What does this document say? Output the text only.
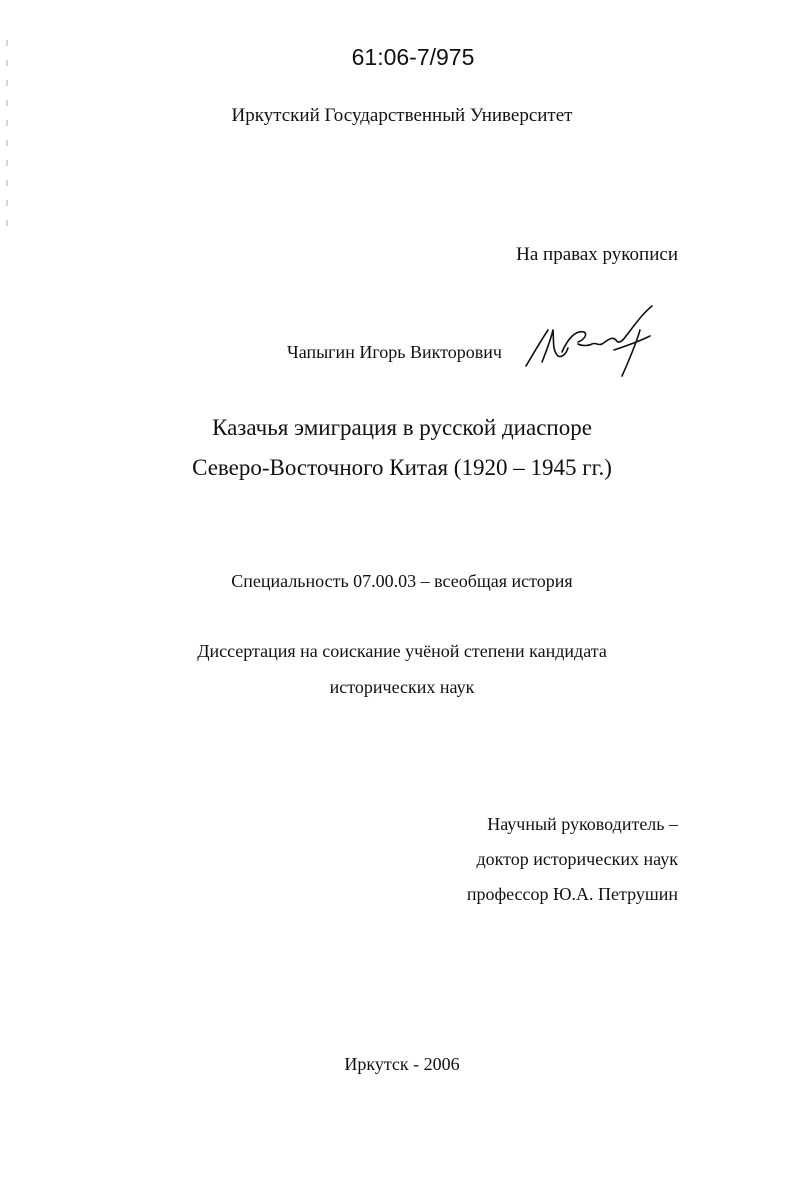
61:06-7/975
Иркутский Государственный Университет
На правах рукописи
Чапыгин Игорь Викторович
Казачья эмиграция в русской диаспоре
Северо-Восточного Китая (1920 – 1945 гг.)
Специальность 07.00.03 – всеобщая история
Диссертация на соискание учёной степени кандидата
исторических наук
Научный руководитель –
доктор исторических наук
профессор Ю.А. Петрушин
Иркутск - 2006
